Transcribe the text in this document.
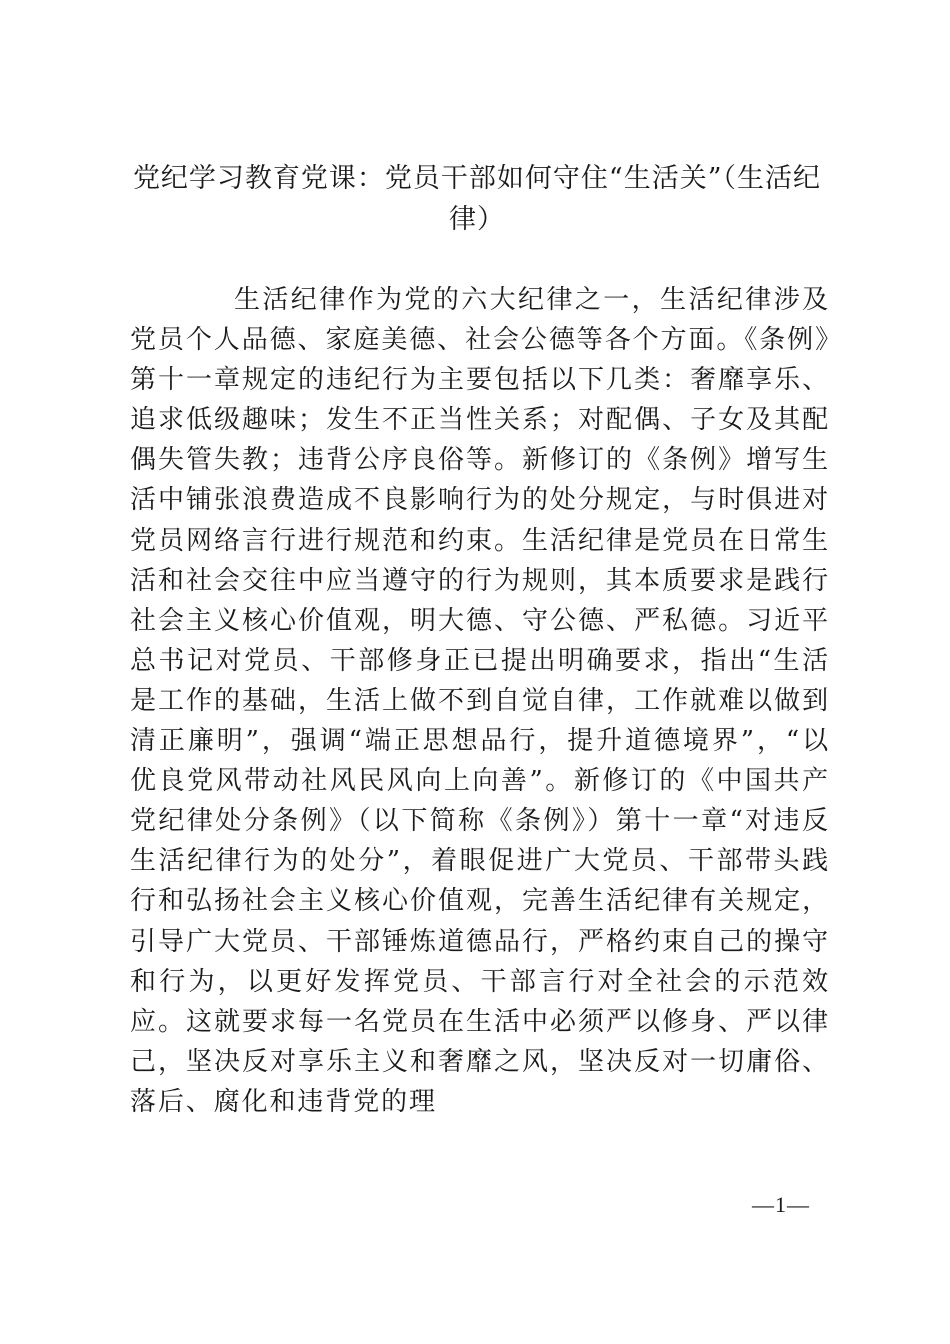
党纪学习教育党课：党员干部如何守住“生活关”（生活纪律）

生活纪律作为党的六大纪律之一，生活纪律涉及党员个人品德、家庭美德、社会公德等各个方面。《条例》第十一章规定的违纪行为主要包括以下几类：奢靡享乐、追求低级趣味；发生不正当性关系；对配偶、子女及其配偶失管失教；违背公序良俗等。新修订的《条例》增写生活中铺张浪费造成不良影响行为的处分规定，与时俱进对党员网络言行进行规范和约束。生活纪律是党员在日常生活和社会交往中应当遵守的行为规则，其本质要求是践行社会主义核心价值观，明大德、守公德、严私德。习近平总书记对党员、干部修身正已提出明确要求，指出“生活是工作的基础，生活上做不到自觉自律，工作就难以做到清正廉明”，强调“端正思想品行，提升道德境界”，“以优良党风带动社风民风向上向善”。新修订的《中国共产党纪律处分条例》（以下简称《条例》）第十一章“对违反生活纪律行为的处分”，着眼促进广大党员、干部带头践行和弘扬社会主义核心价值观，完善生活纪律有关规定，引导广大党员、干部锤炼道德品行，严格约束自己的操守和行为，以更好发挥党员、干部言行对全社会的示范效应。这就要求每一名党员在生活中必须严以修身、严以律己，坚决反对享乐主义和奢靡之风，坚决反对一切庸俗、落后、腐化和违背党的理

—1—
